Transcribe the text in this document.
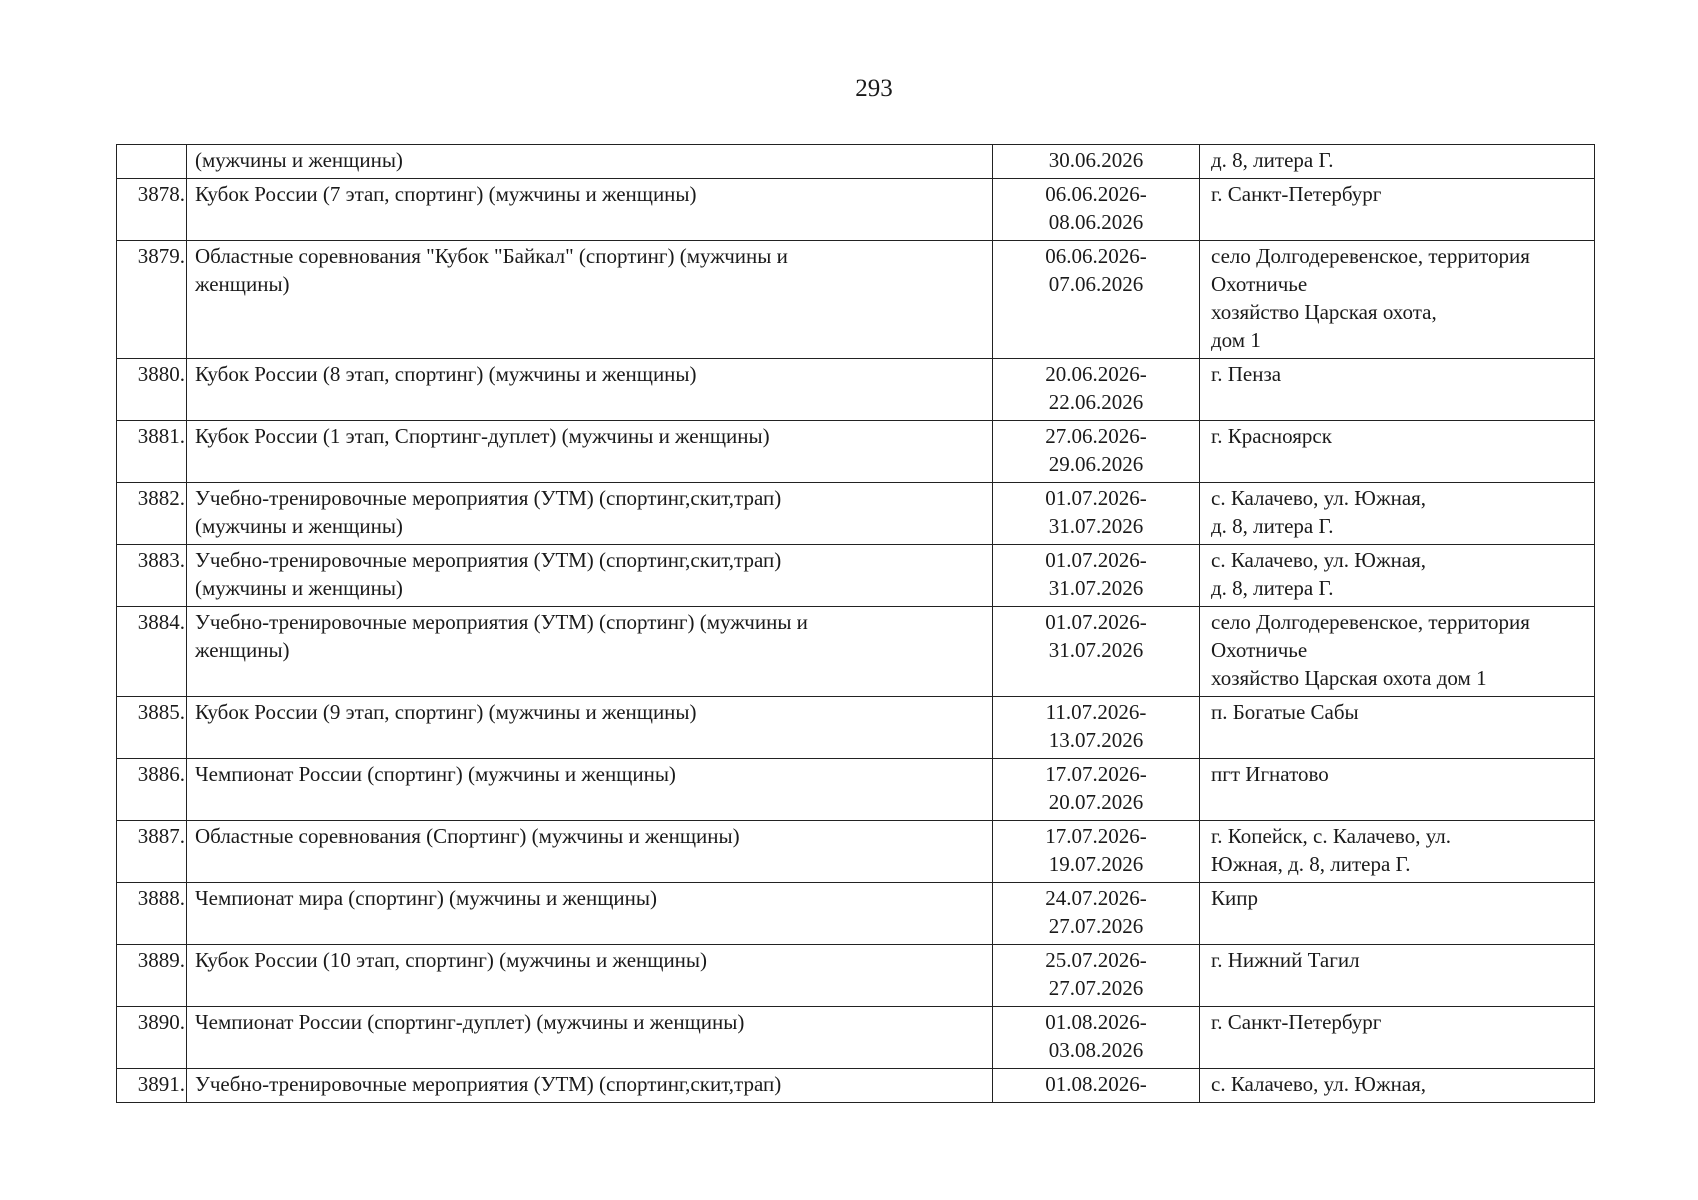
293

	(мужчины и женщины)	30.06.2026	д. 8, литера Г.

3878.	Кубок России (7 этап, спортинг) (мужчины и женщины)	06.06.2026-
08.06.2026	г. Санкт-Петербург

3879.	Областные соревнования "Кубок "Байкал" (спортинг) (мужчины и
женщины)	06.06.2026-
07.06.2026	село Долгодеревенское, территория
Охотничье
хозяйство Царская охота,
дом 1

3880.	Кубок России (8 этап, спортинг) (мужчины и женщины)	20.06.2026-
22.06.2026	г. Пенза

3881.	Кубок России (1 этап, Спортинг-дуплет) (мужчины и женщины)	27.06.2026-
29.06.2026	г. Красноярск

3882.	Учебно-тренировочные мероприятия (УТМ) (спортинг,скит,трап)
(мужчины и женщины)	01.07.2026-
31.07.2026	с. Калачево, ул. Южная,
д. 8, литера Г.

3883.	Учебно-тренировочные мероприятия (УТМ) (спортинг,скит,трап)
(мужчины и женщины)	01.07.2026-
31.07.2026	с. Калачево, ул. Южная,
д. 8, литера Г.

3884.	Учебно-тренировочные мероприятия (УТМ) (спортинг) (мужчины и
женщины)	01.07.2026-
31.07.2026	село Долгодеревенское, территория
Охотничье
хозяйство Царская охота дом 1

3885.	Кубок России (9 этап, спортинг) (мужчины и женщины)	11.07.2026-
13.07.2026	п. Богатые Сабы

3886.	Чемпионат России (спортинг) (мужчины и женщины)	17.07.2026-
20.07.2026	пгт Игнатово

3887.	Областные соревнования (Спортинг) (мужчины и женщины)	17.07.2026-
19.07.2026	г. Копейск, с. Калачево, ул.
Южная, д. 8, литера Г.

3888.	Чемпионат мира (спортинг) (мужчины и женщины)	24.07.2026-
27.07.2026	Кипр

3889.	Кубок России (10 этап, спортинг) (мужчины и женщины)	25.07.2026-
27.07.2026	г. Нижний Тагил

3890.	Чемпионат России (спортинг-дуплет) (мужчины и женщины)	01.08.2026-
03.08.2026	г. Санкт-Петербург

3891.	Учебно-тренировочные мероприятия (УТМ) (спортинг,скит,трап)	01.08.2026-	с. Калачево, ул. Южная,
